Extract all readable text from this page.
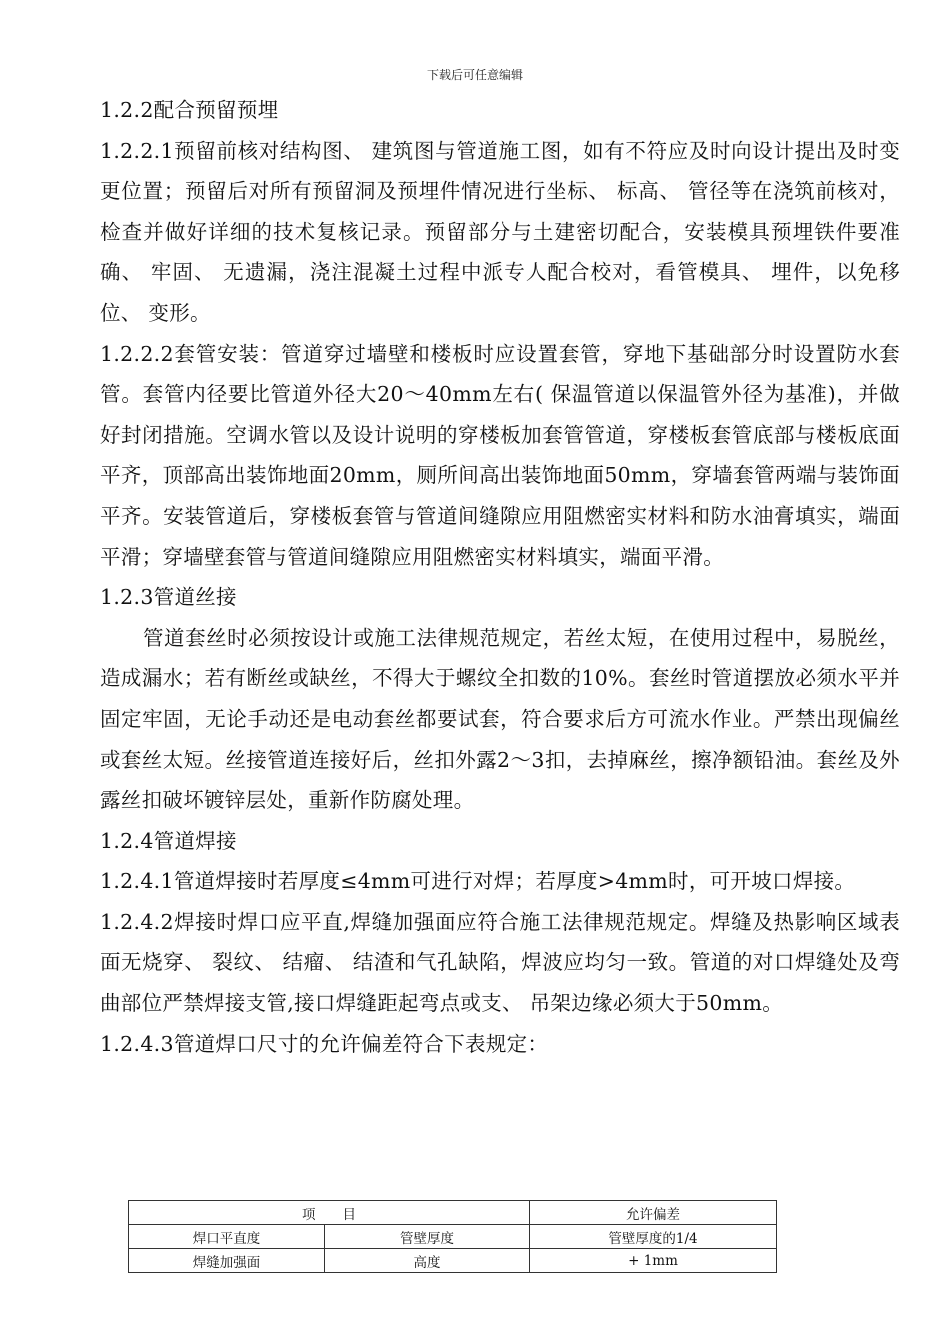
下载后可任意编辑

1.2.2配合预留预埋

1.2.2.1预留前核对结构图、 建筑图与管道施工图，如有不符应及时向设计提出及时变更位置；预留后对所有预留洞及预埋件情况进行坐标、 标高、 管径等在浇筑前核对，检查并做好详细的技术复核记录。预留部分与土建密切配合，安装模具预埋铁件要准确、 牢固、 无遗漏，浇注混凝土过程中派专人配合校对，看管模具、 埋件，以免移位、 变形。

1.2.2.2套管安装：管道穿过墙壁和楼板时应设置套管，穿地下基础部分时设置防水套管。套管内径要比管道外径大20～40mm左右( 保温管道以保温管外径为基准)，并做好封闭措施。空调水管以及设计说明的穿楼板加套管管道，穿楼板套管底部与楼板底面平齐，顶部高出装饰地面20mm，厕所间高出装饰地面50mm，穿墙套管两端与装饰面平齐。安装管道后，穿楼板套管与管道间缝隙应用阻燃密实材料和防水油膏填实，端面平滑；穿墙壁套管与管道间缝隙应用阻燃密实材料填实，端面平滑。

1.2.3管道丝接

管道套丝时必须按设计或施工法律规范规定，若丝太短，在使用过程中，易脱丝，造成漏水；若有断丝或缺丝，不得大于螺纹全扣数的10%。套丝时管道摆放必须水平并固定牢固，无论手动还是电动套丝都要试套，符合要求后方可流水作业。严禁出现偏丝或套丝太短。丝接管道连接好后，丝扣外露2～3扣，去掉麻丝，擦净额铅油。套丝及外露丝扣破坏镀锌层处，重新作防腐处理。

1.2.4管道焊接

1.2.4.1管道焊接时若厚度≤4mm可进行对焊；若厚度>4mm时，可开坡口焊接。

1.2.4.2焊接时焊口应平直,焊缝加强面应符合施工法律规范规定。焊缝及热影响区域表面无烧穿、 裂纹、 结瘤、 结渣和气孔缺陷，焊波应均匀一致。管道的对口焊缝处及弯曲部位严禁焊接支管,接口焊缝距起弯点或支、 吊架边缘必须大于50mm。

1.2.4.3管道焊口尺寸的允许偏差符合下表规定：

项　　目		允许偏差
焊口平直度	管壁厚度	管壁厚度的1/4
焊缝加强面	高度	+ 1mm
